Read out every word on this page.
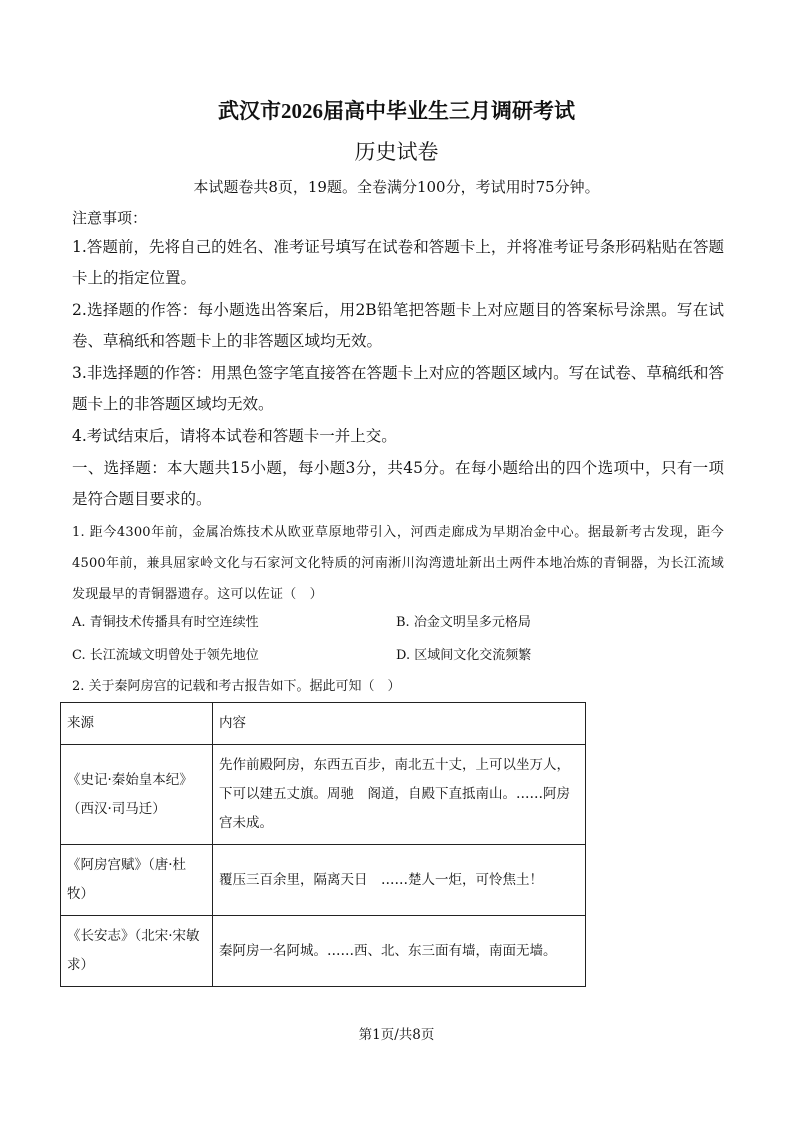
武汉市2026届高中毕业生三月调研考试
历史试卷
本试题卷共8页，19题。全卷满分100分，考试用时75分钟。
注意事项：
1.答题前，先将自己的姓名、准考证号填写在试卷和答题卡上，并将准考证号条形码粘贴在答题卡上的指定位置。
2.选择题的作答：每小题选出答案后，用2B铅笔把答题卡上对应题目的答案标号涂黑。写在试卷、草稿纸和答题卡上的非答题区域均无效。
3.非选择题的作答：用黑色签字笔直接答在答题卡上对应的答题区域内。写在试卷、草稿纸和答题卡上的非答题区域均无效。
4.考试结束后，请将本试卷和答题卡一并上交。
一、选择题：本大题共15小题，每小题3分，共45分。在每小题给出的四个选项中，只有一项是符合题目要求的。
1. 距今4300年前，金属冶炼技术从欧亚草原地带引入，河西走廊成为早期冶金中心。据最新考古发现，距今4500年前，兼具屈家岭文化与石家河文化特质的河南淅川沟湾遗址新出土两件本地冶炼的青铜器，为长江流域发现最早的青铜器遗存。这可以佐证（　）
A. 青铜技术传播具有时空连续性	B. 冶金文明呈多元格局
C. 长江流域文明曾处于领先地位	D. 区域间文化交流频繁
2. 关于秦阿房宫的记载和考古报告如下。据此可知（　）
来源	内容
《史记·秦始皇本纪》（西汉·司马迁）	先作前殿阿房，东西五百步，南北五十丈，上可以坐万人，下可以建五丈旗。周驰　阁道，自殿下直抵南山。……阿房宫未成。
《阿房宫赋》（唐·杜牧）	覆压三百余里，隔离天日　……楚人一炬，可怜焦土！
《长安志》（北宋·宋敏求）	秦阿房一名阿城。……西、北、东三面有墙，南面无墙。
第1页/共8页
